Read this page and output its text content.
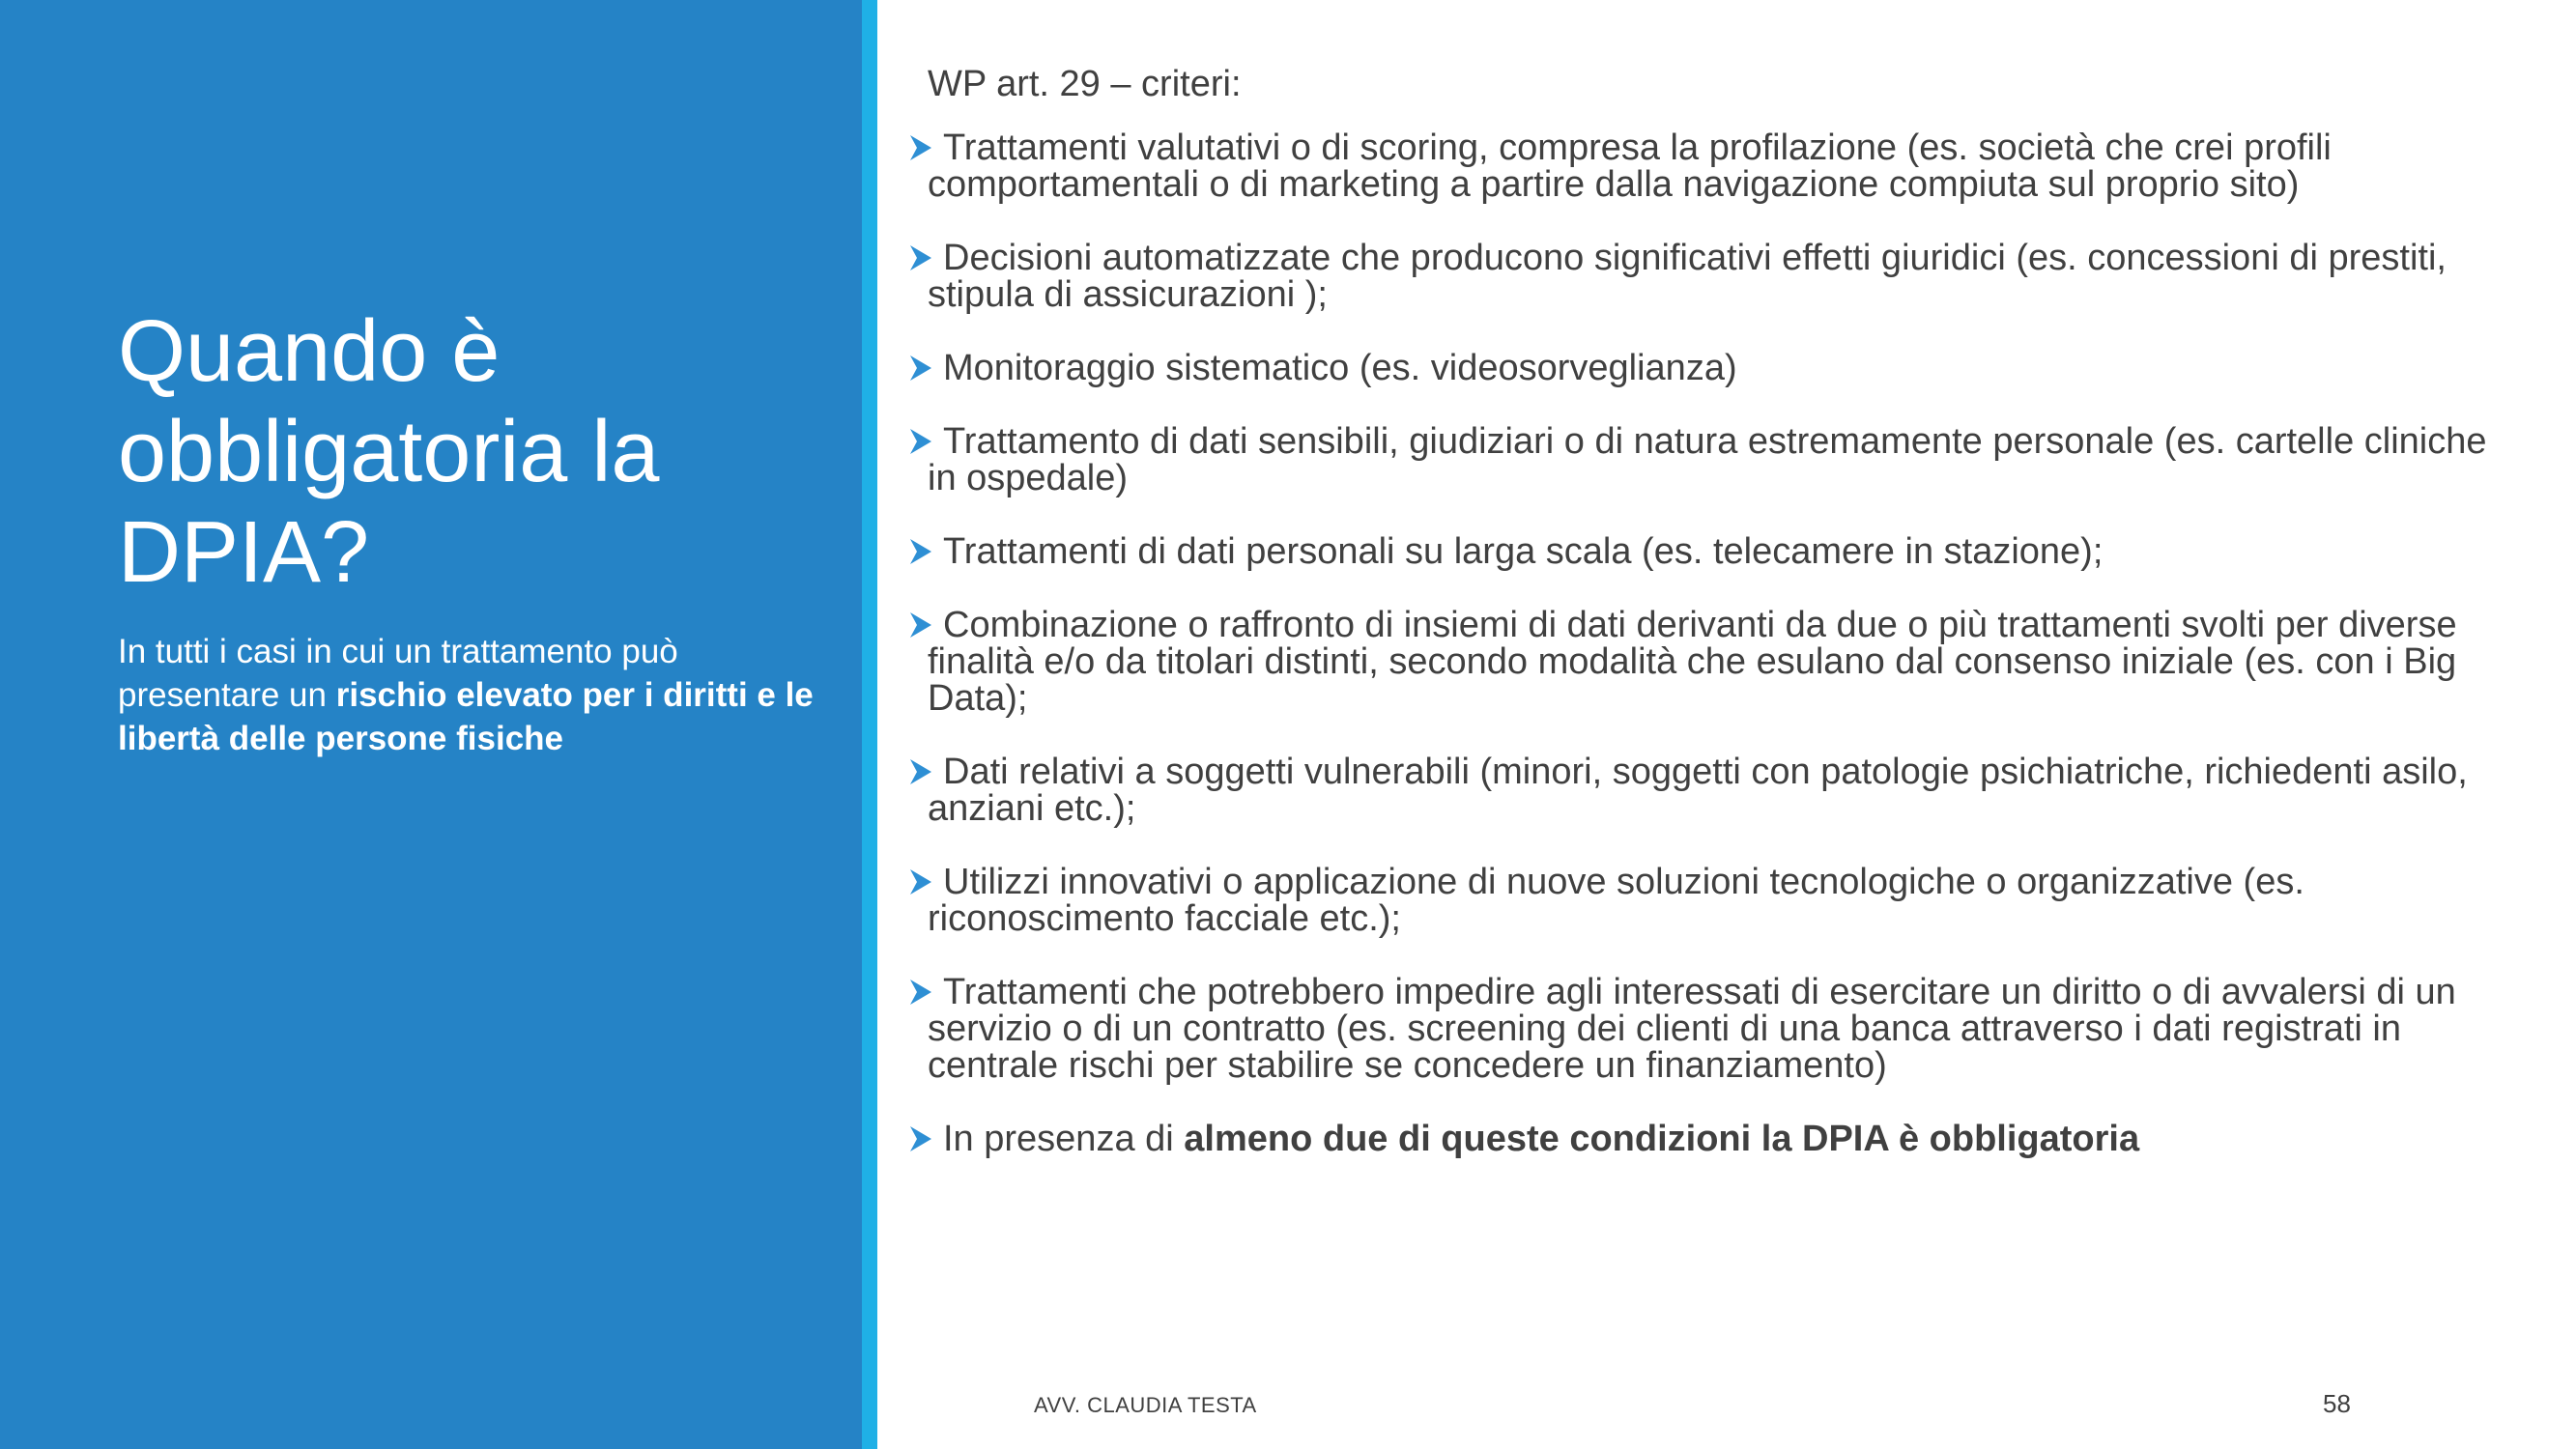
Quando è obbligatoria la DPIA?

In tutti i casi in cui un trattamento può presentare un rischio elevato per i diritti e le libertà delle persone fisiche

WP art. 29 – criteri:
Trattamenti valutativi o di scoring, compresa la profilazione (es. società che crei profili comportamentali o di marketing a partire dalla navigazione compiuta sul proprio sito)
Decisioni automatizzate che producono significativi effetti giuridici (es. concessioni di prestiti, stipula di assicurazioni );
Monitoraggio sistematico (es. videosorveglianza)
Trattamento di dati sensibili, giudiziari o di natura estremamente personale (es. cartelle cliniche in ospedale)
Trattamenti di dati personali su larga scala (es. telecamere in stazione);
Combinazione o raffronto di insiemi di dati derivanti da due o più trattamenti svolti per diverse finalità e/o da titolari distinti, secondo modalità che esulano dal consenso iniziale (es. con i Big Data);
Dati relativi a soggetti vulnerabili (minori, soggetti con patologie psichiatriche, richiedenti asilo, anziani etc.);
Utilizzi innovativi o applicazione di nuove soluzioni tecnologiche o organizzative (es. riconoscimento facciale etc.);
Trattamenti che potrebbero impedire agli interessati di esercitare un diritto o di avvalersi di un servizio o di un contratto (es. screening dei clienti di una banca attraverso i dati registrati in centrale rischi per stabilire se concedere un finanziamento)
In presenza di almeno due di queste condizioni la DPIA è obbligatoria
AVV. CLAUDIA TESTA	58
